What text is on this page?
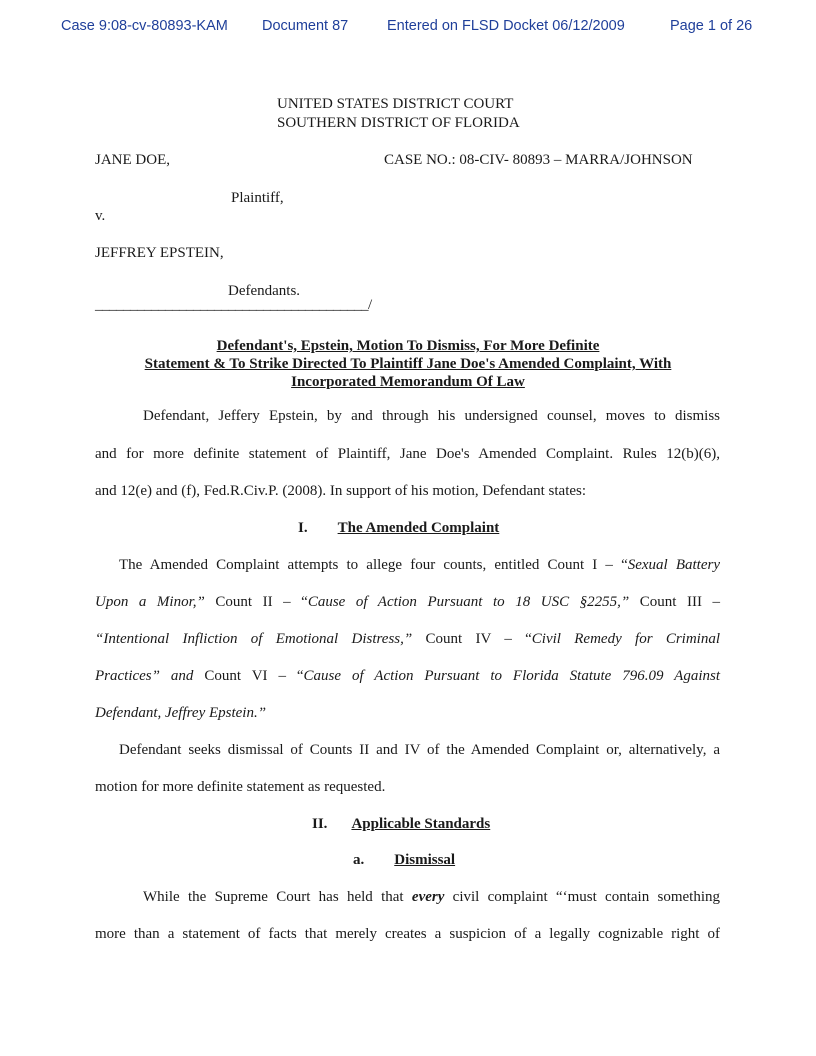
Case 9:08-cv-80893-KAM Document 87	Entered on FLSD Docket 06/12/2009	Page 1 of 26
UNITED STATES DISTRICT COURT
SOUTHERN DISTRICT OF FLORIDA
JANE DOE,	CASE NO.: 08-CIV- 80893 – MARRA/JOHNSON
Plaintiff,
v.
JEFFREY EPSTEIN,
Defendants.
_______________________________________/
Defendant's, Epstein, Motion To Dismiss, For More Definite
Statement & To Strike Directed To Plaintiff Jane Doe's Amended Complaint, With
Incorporated Memorandum Of Law
Defendant, Jeffery Epstein, by and through his undersigned counsel, moves to dismiss
and for more definite statement of Plaintiff, Jane Doe's Amended Complaint. Rules 12(b)(6),
and 12(e) and (f), Fed.R.Civ.P. (2008). In support of his motion, Defendant states:
I. The Amended Complaint
The Amended Complaint attempts to allege four counts, entitled Count I – “Sexual Battery
Upon a Minor,” Count II – “Cause of Action Pursuant to 18 USC §2255,” Count III –
“Intentional Infliction of Emotional Distress,” Count IV – “Civil Remedy for Criminal
Practices” and Count VI – “Cause of Action Pursuant to Florida Statute 796.09 Against
Defendant, Jeffrey Epstein.”
Defendant seeks dismissal of Counts II and IV of the Amended Complaint or, alternatively, a
motion for more definite statement as requested.
II. Applicable Standards
a. Dismissal
While the Supreme Court has held that every civil complaint “‘must contain something
more than a statement of facts that merely creates a suspicion of a legally cognizable right of
